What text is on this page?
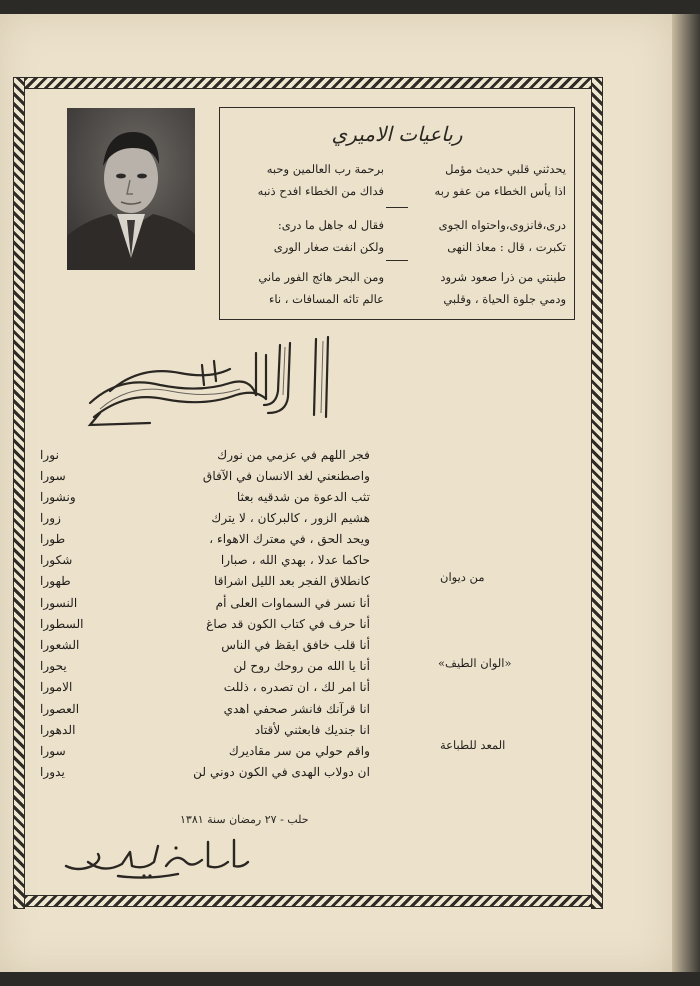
رباعيات الاميري
يحدثني قلبي حديث مؤمل
برحمة رب العالمين وحبه
اذا يأس الخطاء من عفو ربه
فداك من الخطاء افدح ذنبه
درى،فانزوى،واحتواه الجوى
فقال له جاهل ما درى:
تكبرت ، قال : معاذ النهى
ولكن انفت صغار الورى
طينتي من ذرا صعود شرود
ومن البحر هائج الفور ماني
ودمي جلوة الحياة ، وقلبي
عالم تائه المسافات ، ناء
فجر اللهم في عزمي من نورك
نورا
واصطنعني لغد الانسان في الآفاق
سورا
تثب الدعوة من شدقيه بعثا
ونشورا
هشيم الزور ، كالبركان ، لا يترك
زورا
ويحد الحق ، في معترك الاهواء ،
طورا
حاكما عدلا ، بهدي الله ، صبارا
شكورا
كانطلاق الفجر بعد الليل اشراقا
طهورا
أنا نسر في السماوات العلى أم
النسورا
أنا حرف في كتاب الكون قد صاغ
السطورا
أنا قلب خافق ايقظ في الناس
الشعورا
أنا يا الله من روحك روح لن
يحورا
أنا امر لك ، ان تصدره ، ذللت
الامورا
انا قرآنك فانشر صحفي اهدي
العصورا
انا جنديك فابعثني لأقتاد
الدهورا
واقم حولي من سر مقاديرك
سورا
ان دولاب الهدى في الكون دوني لن
يدورا
حلب - ٢٧ رمضان سنة ١٣٨١
من ديوان
«الوان الطيف»
المعد للطباعة
